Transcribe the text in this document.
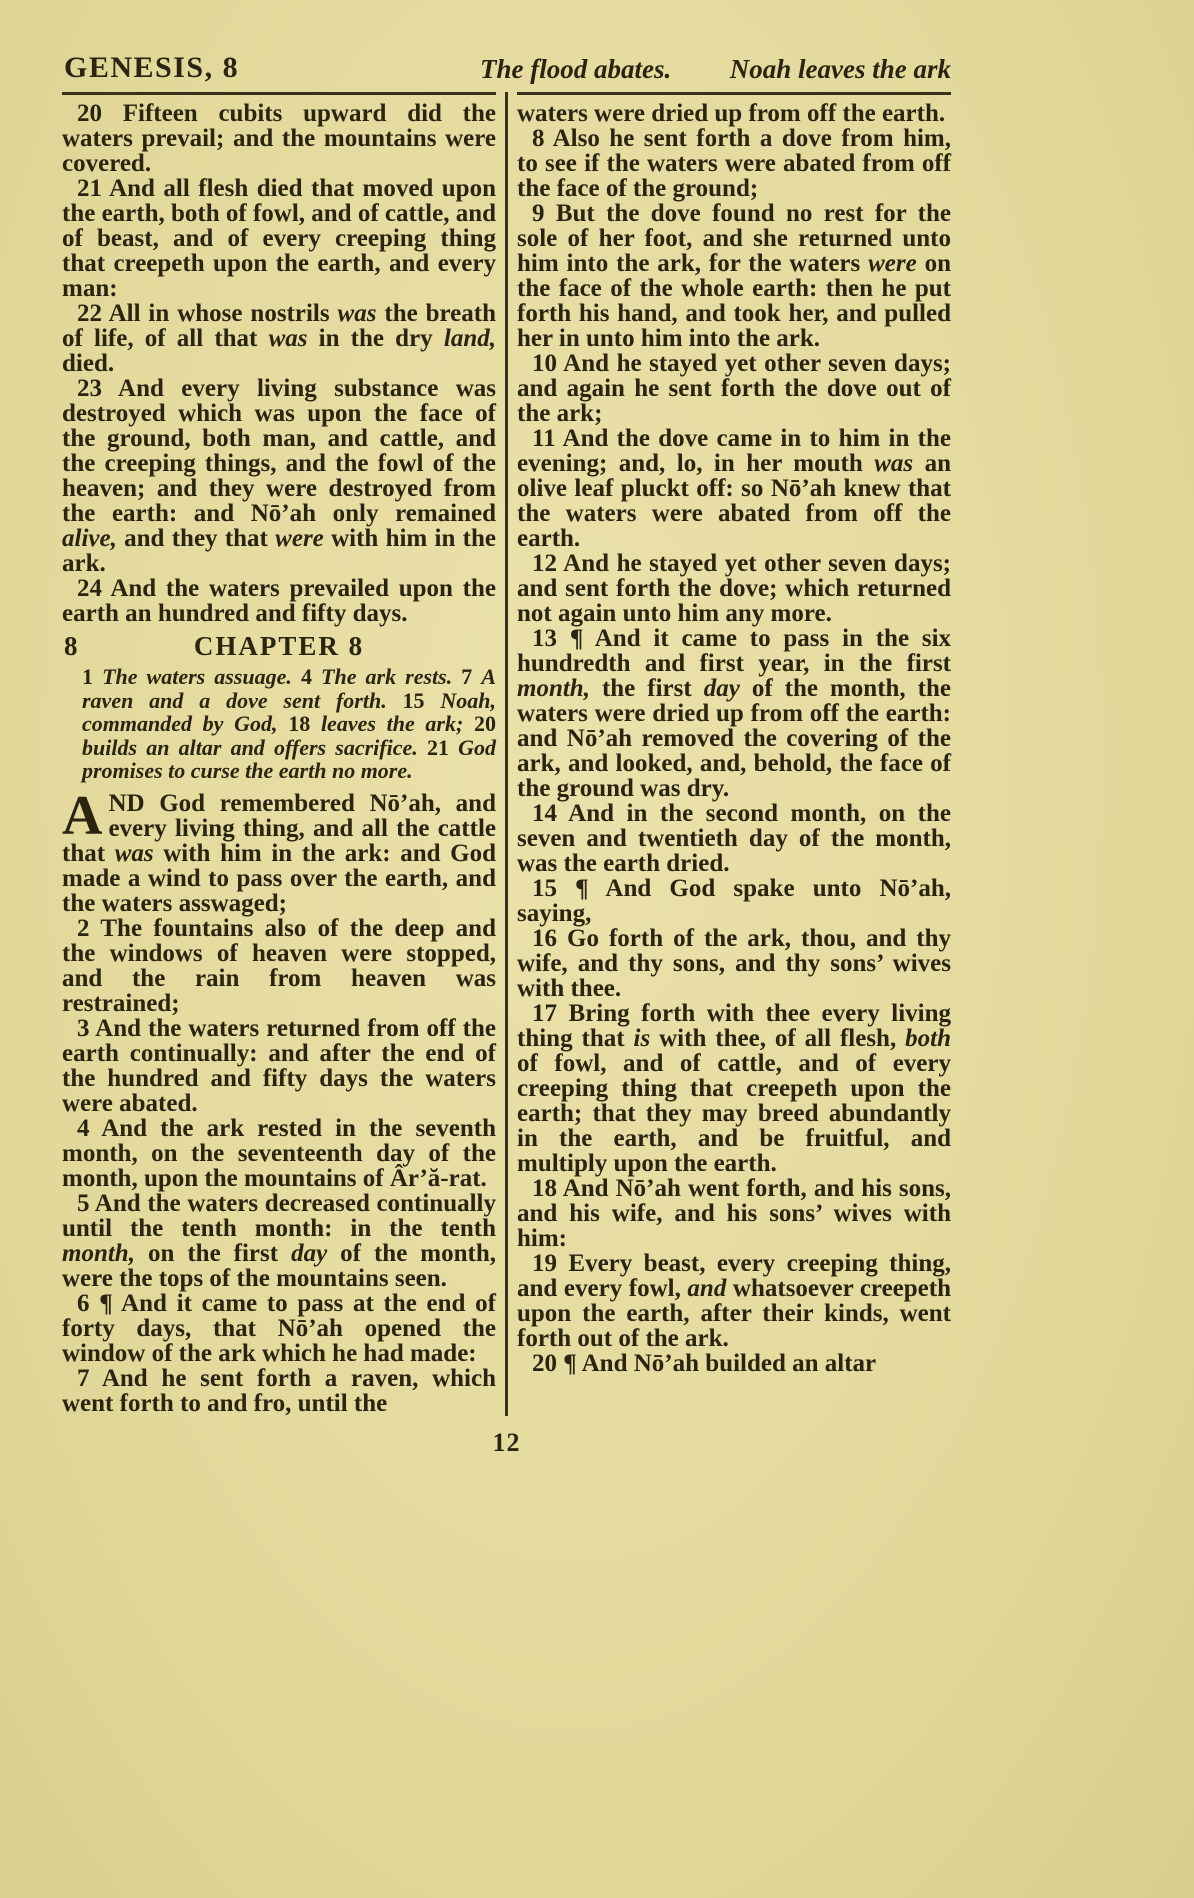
GENESIS, 8	The flood abates. Noah leaves the ark

20 Fifteen cubits upward did the waters prevail; and the mountains were covered.

21 And all flesh died that moved upon the earth, both of fowl, and of cattle, and of beast, and of every creeping thing that creepeth upon the earth, and every man:

22 All in whose nostrils was the breath of life, of all that was in the dry land, died.

23 And every living substance was destroyed which was upon the face of the ground, both man, and cattle, and the creeping things, and the fowl of the heaven; and they were destroyed from the earth: and Nō’ah only remained alive, and they that were with him in the ark.

24 And the waters prevailed upon the earth an hundred and fifty days.

8	CHAPTER 8

1 The waters assuage. 4 The ark rests. 7 A raven and a dove sent forth. 15 Noah, commanded by God, 18 leaves the ark; 20 builds an altar and offers sacrifice. 21 God promises to curse the earth no more.

AND God remembered Nō’ah, and every living thing, and all the cattle that was with him in the ark: and God made a wind to pass over the earth, and the waters asswaged;

2 The fountains also of the deep and the windows of heaven were stopped, and the rain from heaven was restrained;

3 And the waters returned from off the earth continually: and after the end of the hundred and fifty days the waters were abated.

4 And the ark rested in the seventh month, on the seventeenth day of the month, upon the mountains of Âr’ă-rat.

5 And the waters decreased continually until the tenth month: in the tenth month, on the first day of the month, were the tops of the mountains seen.

6 ¶ And it came to pass at the end of forty days, that Nō’ah opened the window of the ark which he had made:

7 And he sent forth a raven, which went forth to and fro, until the

waters were dried up from off the earth.

8 Also he sent forth a dove from him, to see if the waters were abated from off the face of the ground;

9 But the dove found no rest for the sole of her foot, and she returned unto him into the ark, for the waters were on the face of the whole earth: then he put forth his hand, and took her, and pulled her in unto him into the ark.

10 And he stayed yet other seven days; and again he sent forth the dove out of the ark;

11 And the dove came in to him in the evening; and, lo, in her mouth was an olive leaf pluckt off: so Nō’ah knew that the waters were abated from off the earth.

12 And he stayed yet other seven days; and sent forth the dove; which returned not again unto him any more.

13 ¶ And it came to pass in the six hundredth and first year, in the first month, the first day of the month, the waters were dried up from off the earth: and Nō’ah removed the covering of the ark, and looked, and, behold, the face of the ground was dry.

14 And in the second month, on the seven and twentieth day of the month, was the earth dried.

15 ¶ And God spake unto Nō’ah, saying,

16 Go forth of the ark, thou, and thy wife, and thy sons, and thy sons’ wives with thee.

17 Bring forth with thee every living thing that is with thee, of all flesh, both of fowl, and of cattle, and of every creeping thing that creepeth upon the earth; that they may breed abundantly in the earth, and be fruitful, and multiply upon the earth.

18 And Nō’ah went forth, and his sons, and his wife, and his sons’ wives with him:

19 Every beast, every creeping thing, and every fowl, and whatsoever creepeth upon the earth, after their kinds, went forth out of the ark.

20 ¶ And Nō’ah builded an altar

12
